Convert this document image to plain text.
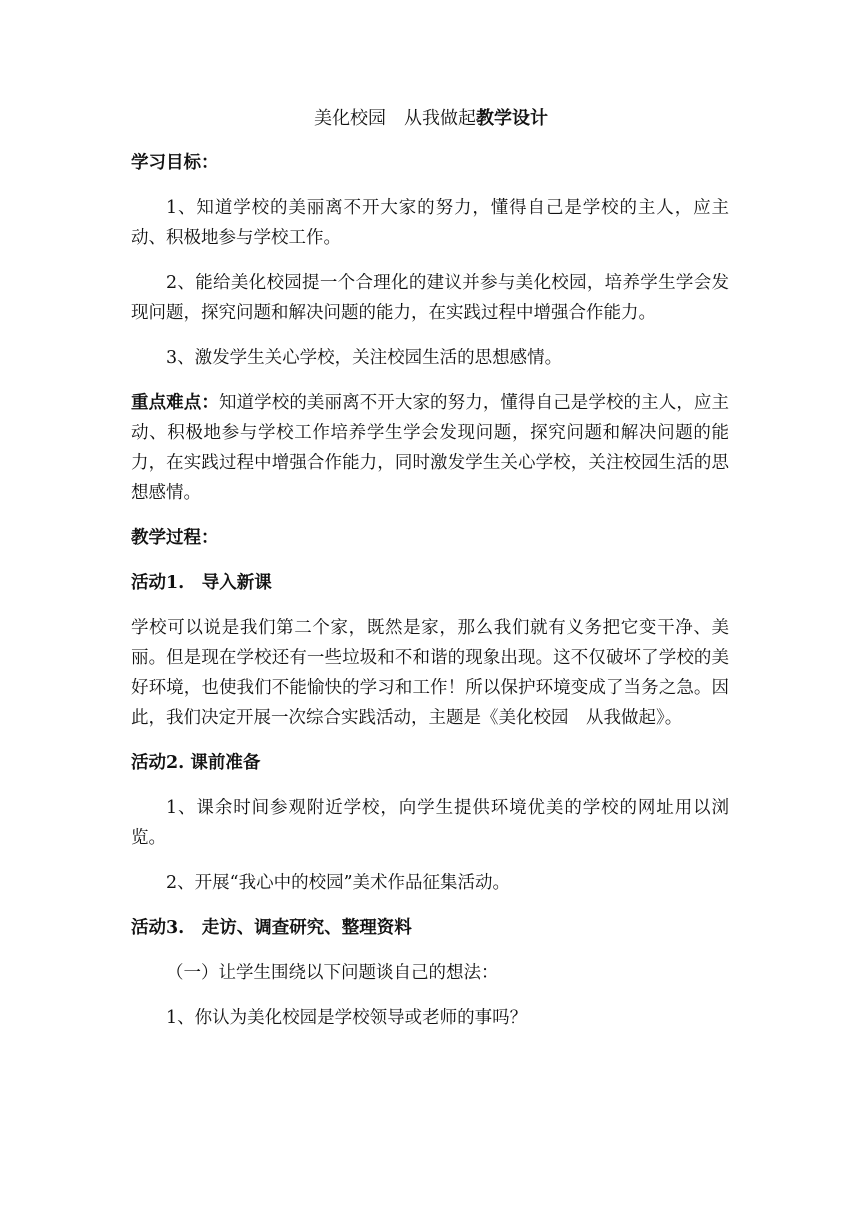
美化校园　从我做起教学设计
学习目标：
1、知道学校的美丽离不开大家的努力，懂得自己是学校的主人，应主动、积极地参与学校工作。
2、能给美化校园提一个合理化的建议并参与美化校园，培养学生学会发现问题，探究问题和解决问题的能力，在实践过程中增强合作能力。
3、激发学生关心学校，关注校园生活的思想感情。
重点难点：知道学校的美丽离不开大家的努力，懂得自己是学校的主人，应主动、积极地参与学校工作培养学生学会发现问题，探究问题和解决问题的能力，在实践过程中增强合作能力，同时激发学生关心学校，关注校园生活的思想感情。
教学过程：
活动1.　导入新课
学校可以说是我们第二个家，既然是家，那么我们就有义务把它变干净、美丽。但是现在学校还有一些垃圾和不和谐的现象出现。这不仅破坏了学校的美好环境，也使我们不能愉快的学习和工作！所以保护环境变成了当务之急。因此，我们决定开展一次综合实践活动，主题是《美化校园　从我做起》。
活动2. 课前准备
1、课余时间参观附近学校，向学生提供环境优美的学校的网址用以浏览。
2、开展“我心中的校园”美术作品征集活动。
活动3.　走访、调查研究、整理资料
（一）让学生围绕以下问题谈自己的想法：
1、你认为美化校园是学校领导或老师的事吗？
